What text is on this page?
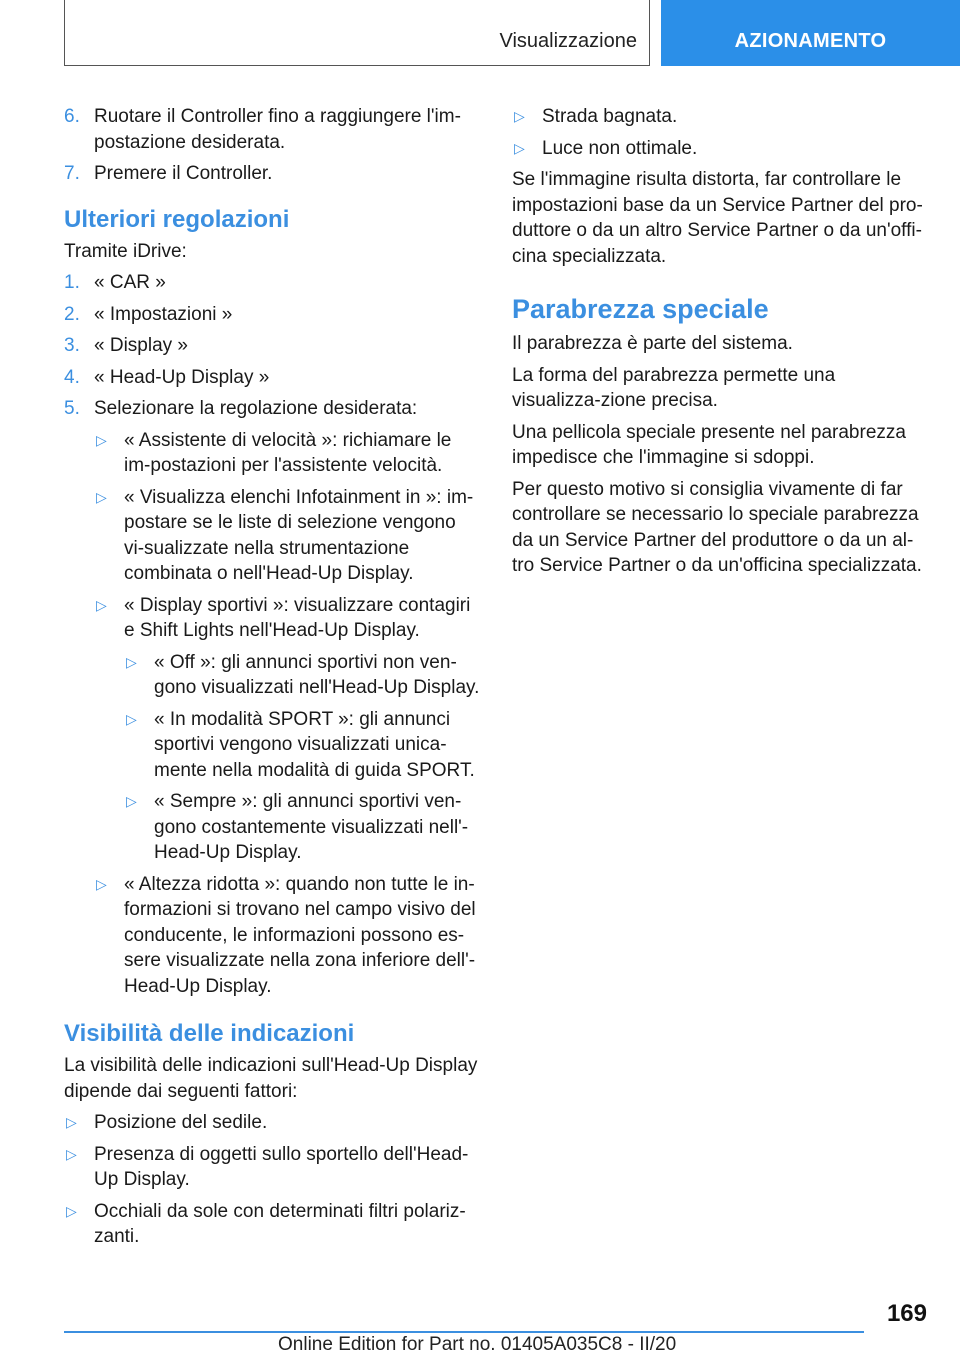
Visualizzazione	AZIONAMENTO
6. Ruotare il Controller fino a raggiungere l'im-postazione desiderata.
7. Premere il Controller.
Ulteriori regolazioni
Tramite iDrive:
1. « CAR »
2. « Impostazioni »
3. « Display »
4. « Head-Up Display »
5. Selezionare la regolazione desiderata:
▷ « Assistente di velocità »: richiamare le im-postazioni per l'assistente velocità.
▷ « Visualizza elenchi Infotainment in »: im-postare se le liste di selezione vengono vi-sualizzate nella strumentazione combinata o nell'Head-Up Display.
▷ « Display sportivi »: visualizzare contagiri e Shift Lights nell'Head-Up Display.
▷ « Off »: gli annunci sportivi non ven-gono visualizzati nell'Head-Up Display.
▷ « In modalità SPORT »: gli annunci sportivi vengono visualizzati unica-mente nella modalità di guida SPORT.
▷ « Sempre »: gli annunci sportivi ven-gono costantemente visualizzati nell'-Head-Up Display.
▷ « Altezza ridotta »: quando non tutte le in-formazioni si trovano nel campo visivo del conducente, le informazioni possono es-sere visualizzate nella zona inferiore dell'-Head-Up Display.
Visibilità delle indicazioni
La visibilità delle indicazioni sull'Head-Up Display dipende dai seguenti fattori:
▷ Posizione del sedile.
▷ Presenza di oggetti sullo sportello dell'Head-Up Display.
▷ Occhiali da sole con determinati filtri polariz-zanti.
▷ Strada bagnata.
▷ Luce non ottimale.
Se l'immagine risulta distorta, far controllare le impostazioni base da un Service Partner del pro-duttore o da un altro Service Partner o da un'offi-cina specializzata.
Parabrezza speciale
Il parabrezza è parte del sistema.
La forma del parabrezza permette una visualizza-zione precisa.
Una pellicola speciale presente nel parabrezza impedisce che l'immagine si sdoppi.
Per questo motivo si consiglia vivamente di far controllare se necessario lo speciale parabrezza da un Service Partner del produttore o da un al-tro Service Partner o da un'officina specializzata.
169
Online Edition for Part no. 01405A035C8 - II/20
